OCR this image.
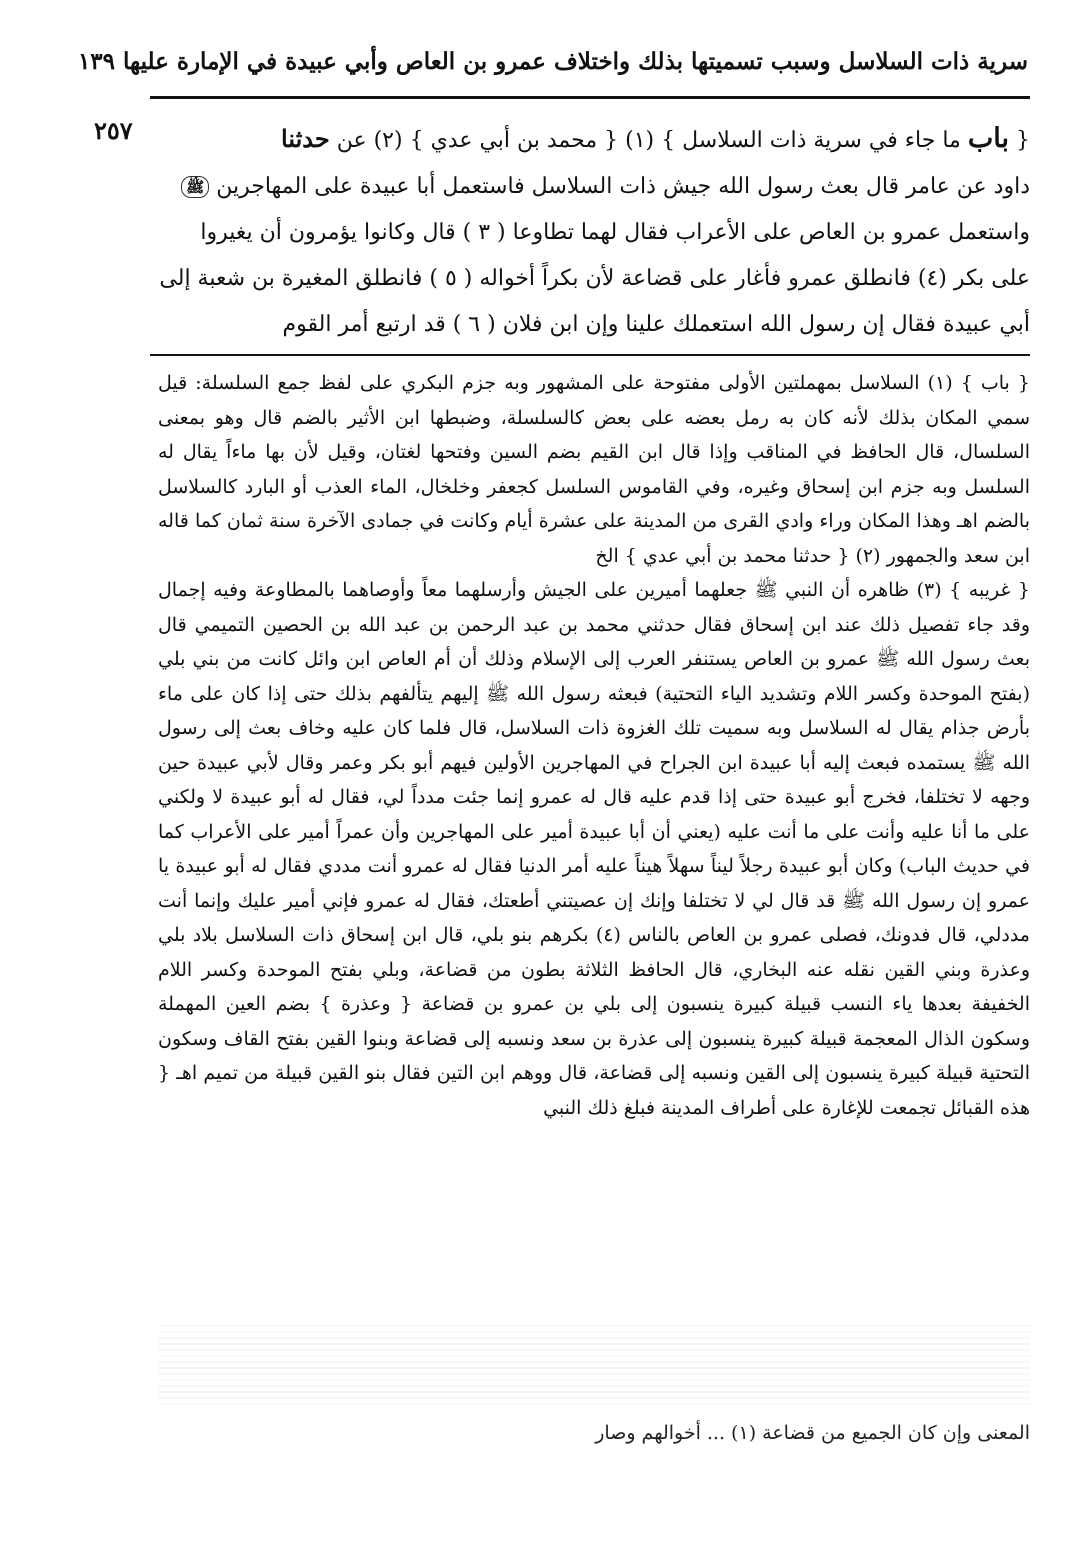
سرية ذات السلاسل وسبب تسميتها بذلك واختلاف عمرو بن العاص وأبي عبيدة في الإمارة عليها ١٣٩
٢٥٧	{ باب ما جاء في سرية ذات السلاسل } (١) { محمد بن أبي عدي } (٢) عن حدثنا

داود عن عامر قال بعث رسول الله جيش ذات السلاسل فاستعمل أبا عبيدة على المهاجرين ﷺ

واستعمل عمرو بن العاص على الأعراب فقال لهما تطاوعا ( ٣ ) قال وكانوا يؤمرون أن يغيروا

على بكر (٤) فانطلق عمرو فأغار على قضاعة لأن بكراً أخواله ( ٥ ) فانطلق المغيرة بن شعبة إلى

أبي عبيدة فقال إن رسول الله استعملك علينا وإن ابن فلان ( ٦ ) قد ارتبع أمر القوم

{ باب } (١) السلاسل بمهملتين الأولى مفتوحة على المشهور وبه جزم البكري على لفظ جمع السلسلة: قيل سمي المكان بذلك لأنه كان به رمل بعضه على بعض كالسلسلة، وضبطها ابن الأثير بالضم قال وهو بمعنى السلسال، قال الحافظ في المناقب وإذا قال ابن القيم بضم السين وفتحها لغتان، وقيل لأن بها ماءاً يقال له السلسل وبه جزم ابن إسحاق وغيره، وفي القاموس السلسل كجعفر وخلخال، الماء العذب أو البارد كالسلاسل بالضم اهـ وهذا المكان وراء وادي القرى من المدينة على عشرة أيام وكانت في جمادى الآخرة سنة ثمان كما قاله ابن سعد والجمهور (٢) { حدثنا محمد بن أبي عدي } الخ

{ غريبه } (٣) ظاهره أن النبي ﷺ جعلهما أميرين على الجيش وأرسلهما معاً وأوصاهما بالمطاوعة وفيه إجمال وقد جاء تفصيل ذلك عند ابن إسحاق فقال حدثني محمد بن عبد الرحمن بن عبد الله بن الحصين التميمي قال بعث رسول الله ﷺ عمرو بن العاص يستنفر العرب إلى الإسلام وذلك أن أم العاص ابن وائل كانت من بني بلي (بفتح الموحدة وكسر اللام وتشديد الياء التحتية) فبعثه رسول الله ﷺ إليهم يتألفهم بذلك حتى إذا كان على ماء بأرض جذام يقال له السلاسل وبه سميت تلك الغزوة ذات السلاسل، قال فلما كان عليه وخاف بعث إلى رسول الله ﷺ يستمده فبعث إليه أبا عبيدة ابن الجراح في المهاجرين الأولين فيهم أبو بكر وعمر وقال لأبي عبيدة حين وجهه لا تختلفا، فخرج أبو عبيدة حتى إذا قدم عليه قال له عمرو إنما جئت مدداً لي، فقال له أبو عبيدة لا ولكني على ما أنا عليه وأنت على ما أنت عليه (يعني أن أبا عبيدة أمير على المهاجرين وأن عمراً أمير على الأعراب كما في حديث الباب) وكان أبو عبيدة رجلاً ليناً سهلاً هيناً عليه أمر الدنيا فقال له عمرو أنت مددي فقال له أبو عبيدة يا عمرو إن رسول الله ﷺ قد قال لي لا تختلفا وإنك إن عصيتني أطعتك، فقال له عمرو فإني أمير عليك وإنما أنت مددلي، قال فدونك، فصلى عمرو بن العاص بالناس (٤) بكرهم بنو بلي، قال ابن إسحاق ذات السلاسل بلاد بلي وعذرة وبني القين نقله عنه البخاري، قال الحافظ الثلاثة بطون من قضاعة، وبلي بفتح الموحدة وكسر اللام الخفيفة بعدها ياء النسب قبيلة كبيرة ينسبون إلى بلي بن عمرو بن قضاعة { وعذرة } بضم العين المهملة وسكون الذال المعجمة قبيلة كبيرة ينسبون إلى عذرة بن سعد ونسبه إلى قضاعة وبنوا القين بفتح القاف وسكون التحتية قبيلة كبيرة ينسبون إلى القين ونسبه إلى قضاعة، قال ووهم ابن التين فقال بنو القين قبيلة من تميم اهـ { هذه القبائل تجمعت للإغارة على أطراف المدينة فبلغ ذلك النبي

المعنى وإن كان الجميع من قضاعة (١) ... أخوالهم وصار
